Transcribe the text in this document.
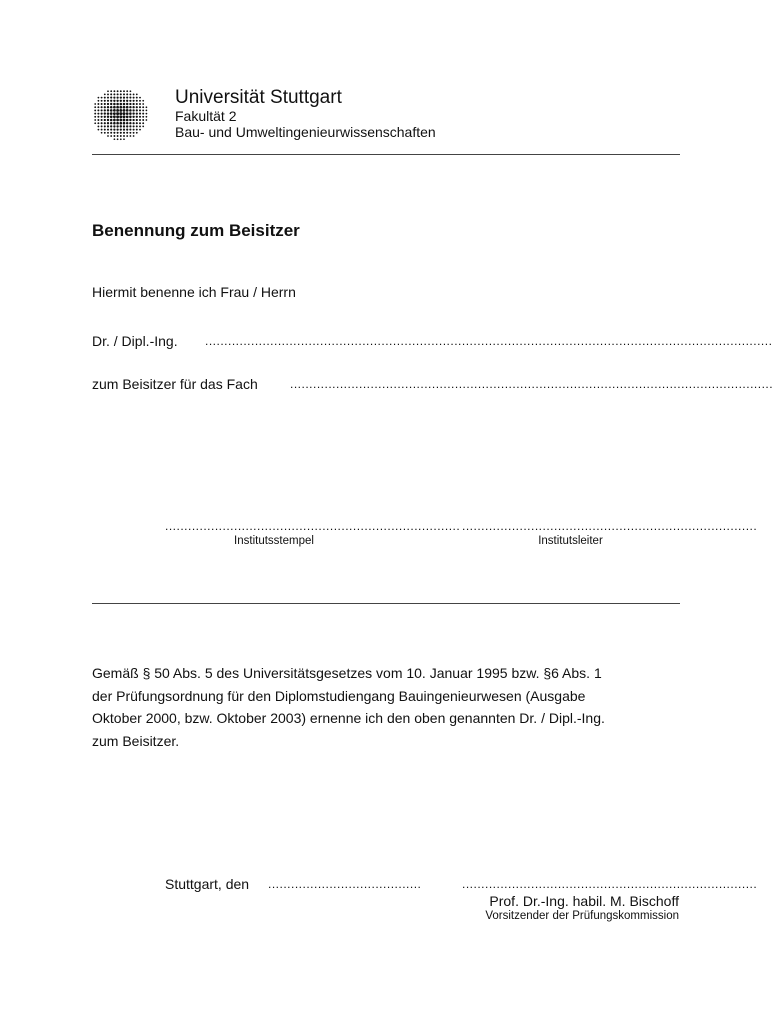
Universität Stuttgart
Fakultät 2
Bau- und Umweltingenieurwissenschaften
Benennung zum Beisitzer
Hiermit benenne ich Frau / Herrn
Dr. / Dipl.-Ing. ....................................................................................................................................................
zum Beisitzer für das Fach	..............................................................................................................................
.............................................................................
Institutsstempel
.............................................................................
Institutsleiter

Gemäß § 50 Abs. 5 des Universitätsgesetzes vom 10. Januar 1995 bzw. §6 Abs. 1

der Prüfungsordnung für den Diplomstudiengang Bauingenieurwesen (Ausgabe

Oktober 2000, bzw. Oktober 2003) ernenne ich den oben genannten Dr. / Dipl.-Ing.

zum Beisitzer.

Stuttgart, den ........................................	.............................................................................
Prof. Dr.-Ing. habil. M. Bischoff
Vorsitzender der Prüfungskommission
